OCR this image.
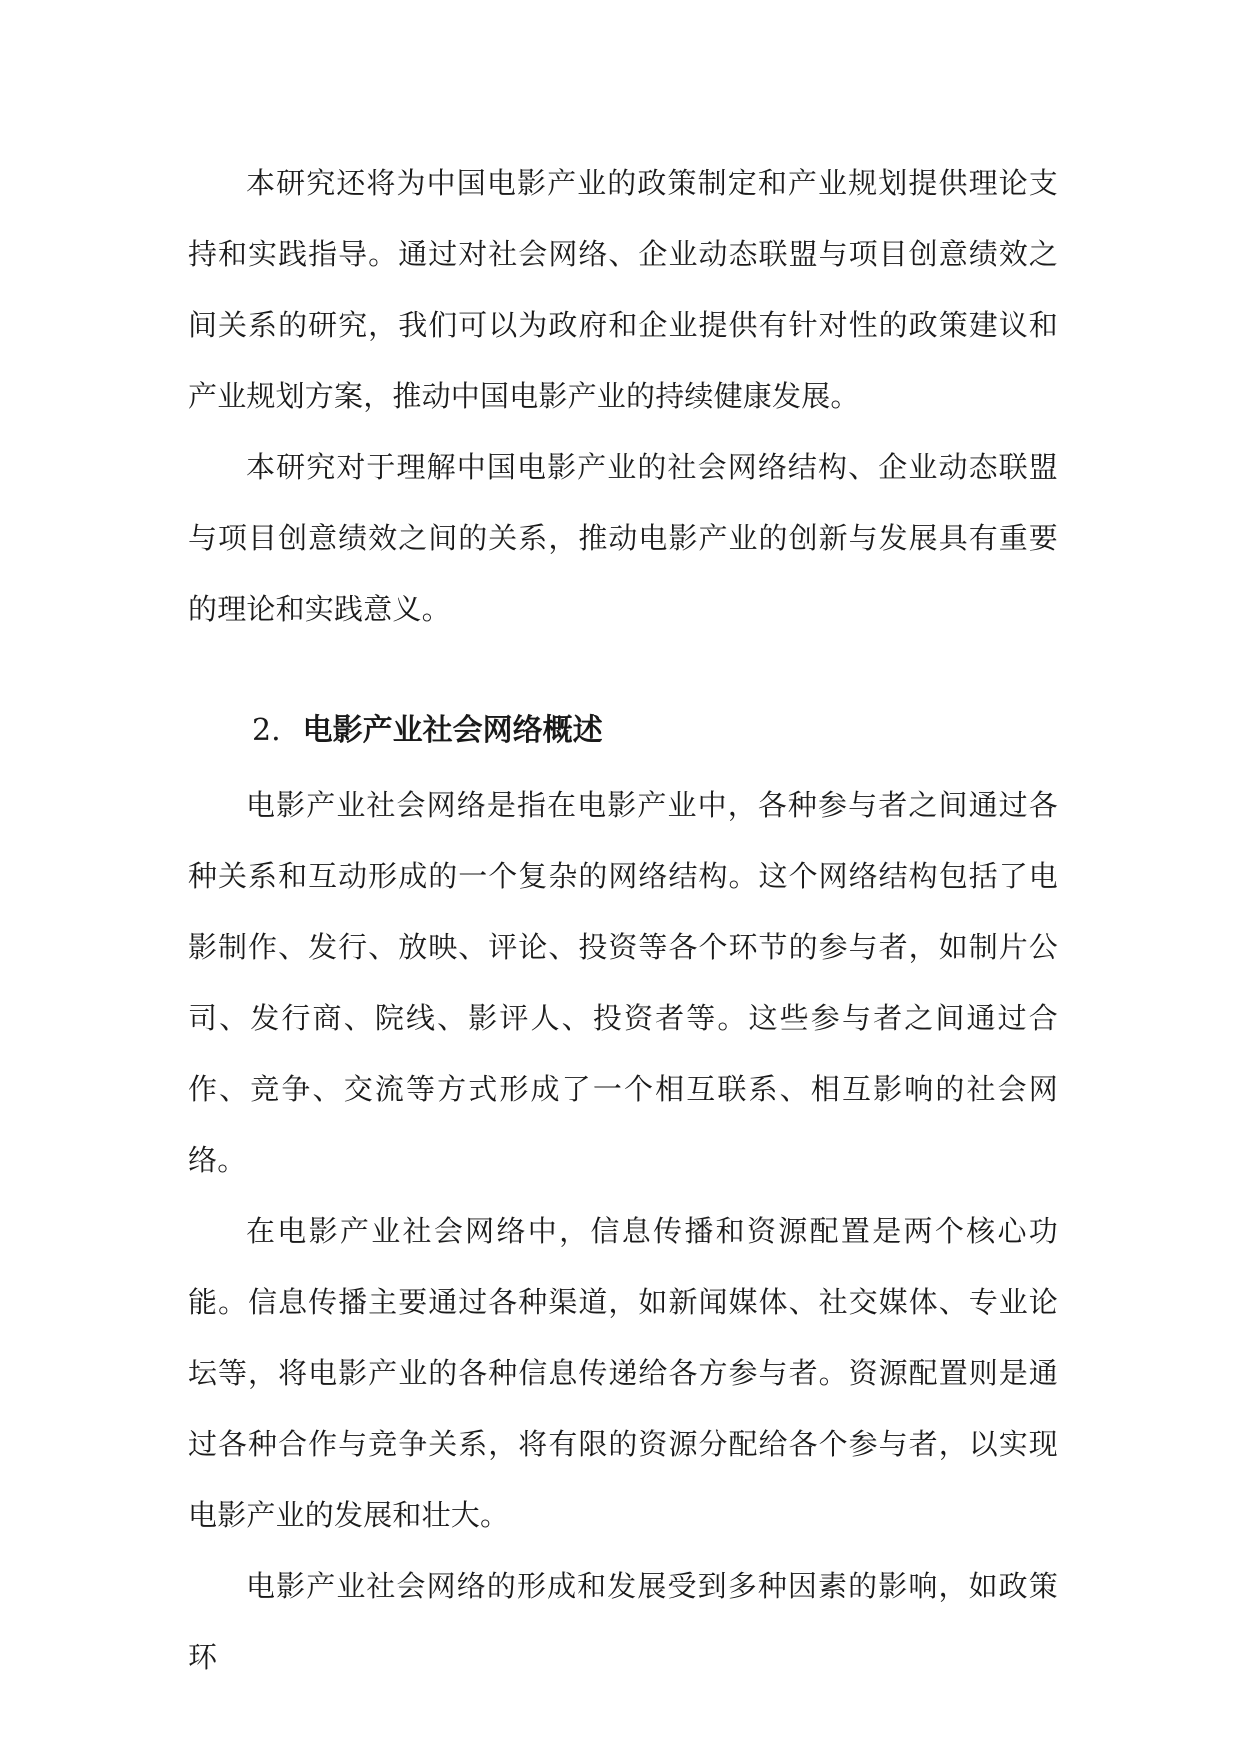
本研究还将为中国电影产业的政策制定和产业规划提供理论支持和实践指导。通过对社会网络、企业动态联盟与项目创意绩效之间关系的研究，我们可以为政府和企业提供有针对性的政策建议和产业规划方案，推动中国电影产业的持续健康发展。

本研究对于理解中国电影产业的社会网络结构、企业动态联盟与项目创意绩效之间的关系，推动电影产业的创新与发展具有重要的理论和实践意义。

2. 电影产业社会网络概述

电影产业社会网络是指在电影产业中，各种参与者之间通过各种关系和互动形成的一个复杂的网络结构。这个网络结构包括了电影制作、发行、放映、评论、投资等各个环节的参与者，如制片公司、发行商、院线、影评人、投资者等。这些参与者之间通过合作、竞争、交流等方式形成了一个相互联系、相互影响的社会网络。

在电影产业社会网络中，信息传播和资源配置是两个核心功能。信息传播主要通过各种渠道，如新闻媒体、社交媒体、专业论坛等，将电影产业的各种信息传递给各方参与者。资源配置则是通过各种合作与竞争关系，将有限的资源分配给各个参与者，以实现电影产业的发展和壮大。

电影产业社会网络的形成和发展受到多种因素的影响，如政策环
